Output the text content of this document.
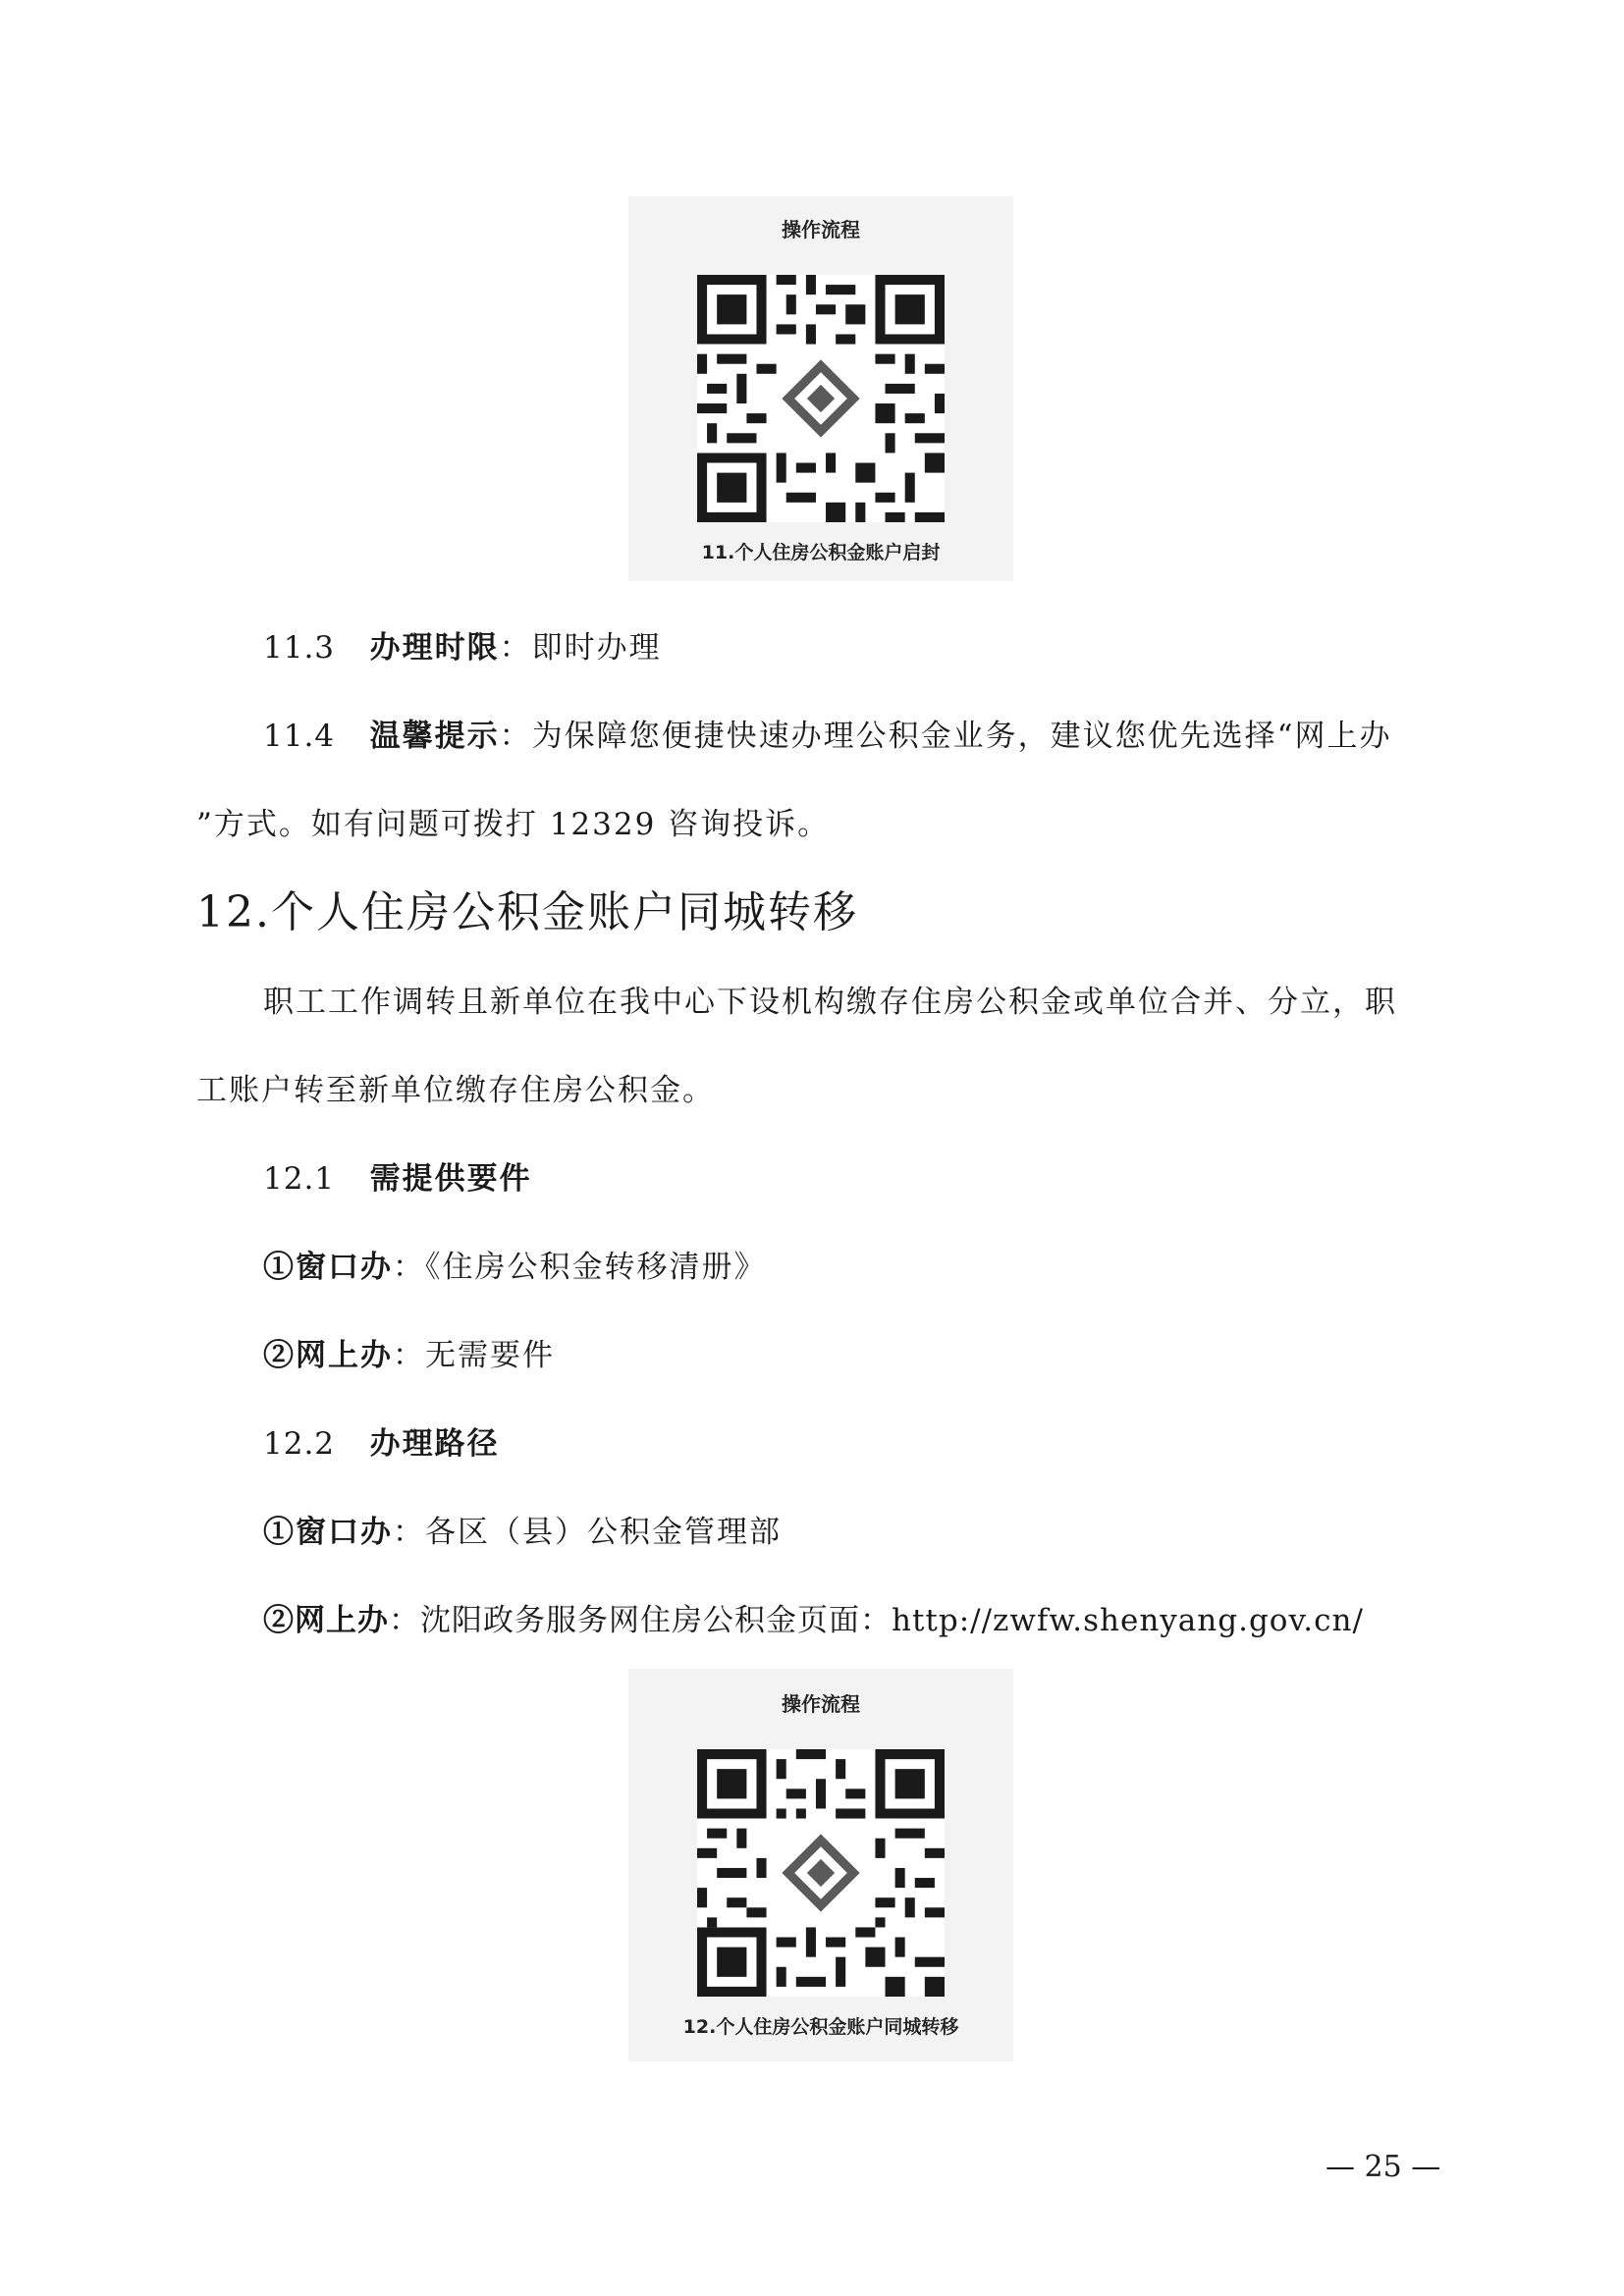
操作流程
11.个人住房公积金账户启封
11.3 办理时限：即时办理
11.4 温馨提示：为保障您便捷快速办理公积金业务，建议您优先选择“网上办
”方式。如有问题可拨打 12329 咨询投诉。
12.个人住房公积金账户同城转移
职工工作调转且新单位在我中心下设机构缴存住房公积金或单位合并、分立，职
工账户转至新单位缴存住房公积金。
12.1 需提供要件
①窗口办：《住房公积金转移清册》
②网上办：无需要件
12.2 办理路径
①窗口办：各区（县）公积金管理部
②网上办：沈阳政务服务网住房公积金页面：http://zwfw.shenyang.gov.cn/
操作流程
12.个人住房公积金账户同城转移
— 25 —
